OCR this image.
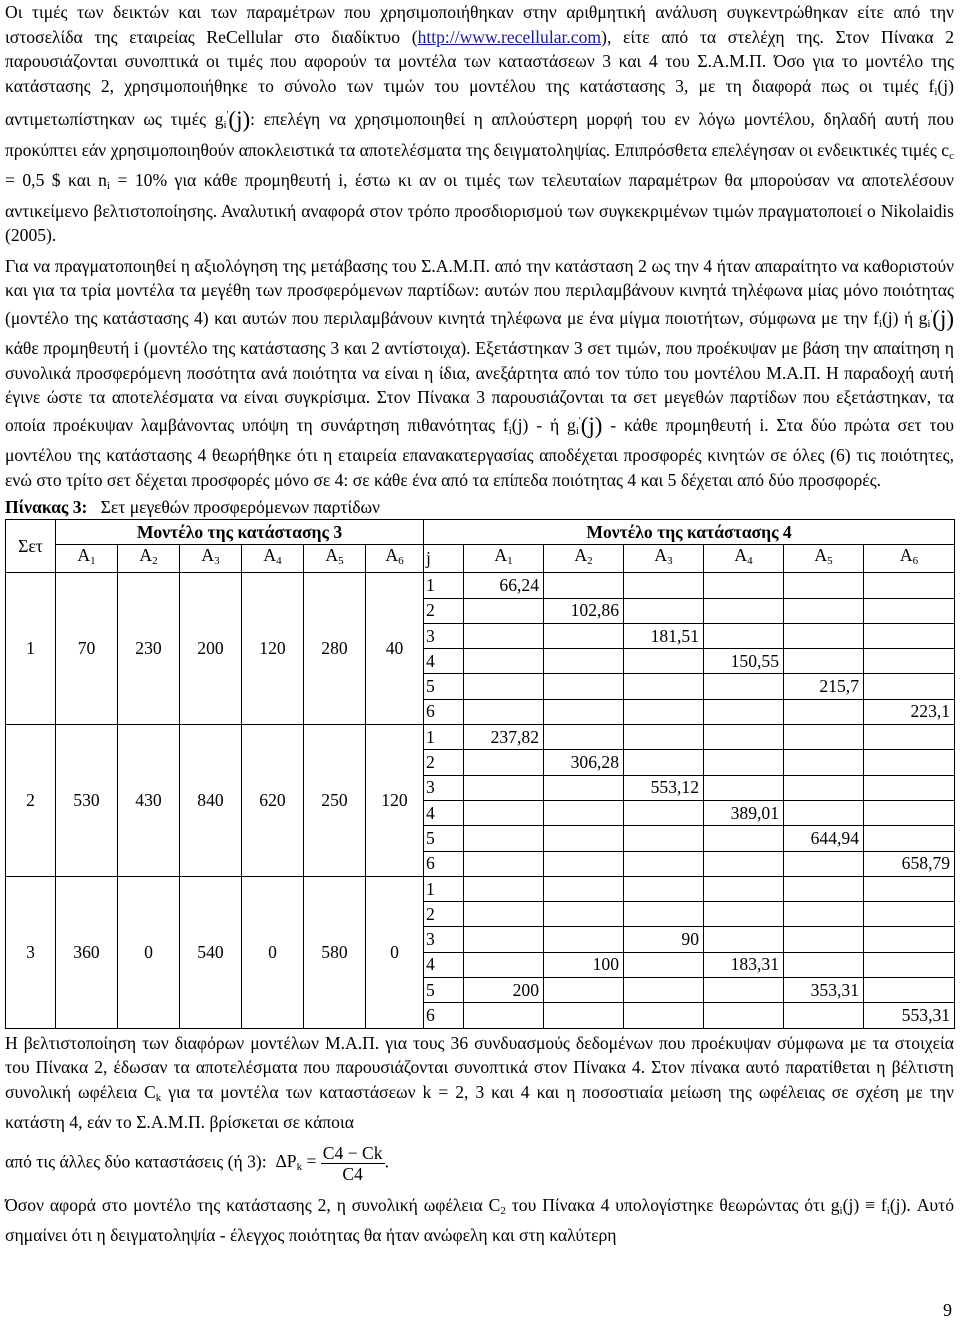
Οι τιμές των δεικτών και των παραμέτρων που χρησιμοποιήθηκαν στην αριθμητική ανάλυση συγκεντρώθηκαν είτε από την ιστοσελίδα της εταιρείας ReCellular στο διαδίκτυο (http://www.recellular.com), είτε από τα στελέχη της. Στον Πίνακα 2 παρουσιάζονται συνοπτικά οι τιμές που αφορούν τα μοντέλα των καταστάσεων 3 και 4 του Σ.Α.Μ.Π. Όσο για το μοντέλο της κατάστασης 2, χρησιμοποιήθηκε το σύνολο των τιμών του μοντέλου της κατάστασης 3, με τη διαφορά πως οι τιμές $f_i(j)$ αντιμετωπίστηκαν ως τιμές $g_i'(j)$: επελέγη να χρησιμοποιηθεί η απλούστερη μορφή του εν λόγω μοντέλου, δηλαδή αυτή που προκύπτει εάν χρησιμοποιηθούν αποκλειστικά τα αποτελέσματα της δειγματοληψίας. Επιπρόσθετα επελέγησαν οι ενδεικτικές τιμές $c_c = 0,5$ $ και $n_i = 10\%$ για κάθε προμηθευτή i, έστω κι αν οι τιμές των τελευταίων παραμέτρων θα μπορούσαν να αποτελέσουν αντικείμενο βελτιστοποίησης. Αναλυτική αναφορά στον τρόπο προσδιορισμού των συγκεκριμένων τιμών πραγματοποιεί ο Nikolaidis (2005).

Για να πραγματοποιηθεί η αξιολόγηση της μετάβασης του Σ.Α.Μ.Π. από την κατάσταση 2 ως την 4 ήταν απαραίτητο να καθοριστούν και για τα τρία μοντέλα τα μεγέθη των προσφερόμενων παρτίδων: αυτών που περιλαμβάνουν κινητά τηλέφωνα μίας μόνο ποιότητας (μοντέλο της κατάστασης 4) και αυτών που περιλαμβάνουν κινητά τηλέφωνα με ένα μίγμα ποιοτήτων, σύμφωνα με την $f_i(j)$ ή $g_i'(j)$ κάθε προμηθευτή i (μοντέλο της κατάστασης 3 και 2 αντίστοιχα). Εξετάστηκαν 3 σετ τιμών, που προέκυψαν με βάση την απαίτηση η συνολικά προσφερόμενη ποσότητα ανά ποιότητα να είναι η ίδια, ανεξάρτητα από τον τύπο του μοντέλου Μ.Α.Π. Η παραδοχή αυτή έγινε ώστε τα αποτελέσματα να είναι συγκρίσιμα. Στον Πίνακα 3 παρουσιάζονται τα σετ μεγεθών παρτίδων που εξετάστηκαν, τα οποία προέκυψαν λαμβάνοντας υπόψη τη συνάρτηση πιθανότητας $f_i(j)$ - ή $g_i'(j)$ - κάθε προμηθευτή i. Στα δύο πρώτα σετ του μοντέλου της κατάστασης 4 θεωρήθηκε ότι η εταιρεία επανακατεργασίας αποδέχεται προσφορές κινητών σε όλες (6) τις ποιότητες, ενώ στο τρίτο σετ δέχεται προσφορές μόνο σε 4: σε κάθε ένα από τα επίπεδα ποιότητας 4 και 5 δέχεται από δύο προσφορές.

Πίνακας 3: Σετ μεγεθών προσφερόμενων παρτίδων
Σετ	Μοντέλο της κατάστασης 3						Μοντέλο της κατάστασης 4						
	$A_1$	$A_2$	$A_3$	$A_4$	$A_5$	$A_6$	j	$A_1$	$A_2$	$A_3$	$A_4$	$A_5$	$A_6$
1	70	230	200	120	280	40	1	66,24					
							2		102,86				
							3			181,51			
							4				150,55		
							5					215,7	
							6						223,1
2	530	430	840	620	250	120	1	237,82					
							2		306,28				
							3			553,12			
							4				389,01		
							5					644,94	
							6						658,79
3	360	0	540	0	580	0	1						
							2						
							3			90			
							4		100		183,31		
							5	200				353,31	
							6						553,31

Η βελτιστοποίηση των διαφόρων μοντέλων Μ.Α.Π. για τους 36 συνδυασμούς δεδομένων που προέκυψαν σύμφωνα με τα στοιχεία του Πίνακα 2, έδωσαν τα αποτελέσματα που παρουσιάζονται συνοπτικά στον Πίνακα 4. Στον πίνακα αυτό παρατίθεται η βέλτιστη συνολική ωφέλεια $C_k$ για τα μοντέλα των καταστάσεων k = 2, 3 και 4 και η ποσοστιαία μείωση της ωφέλειας σε σχέση με την κατάστη 4, εάν το Σ.Α.Μ.Π. βρίσκεται σε κάποια

από τις άλλες δύο καταστάσεις (ή 3): $\Delta P_k = \frac{C4 - Ck}{C4}$ .

Όσον αφορά στο μοντέλο της κατάστασης 2, η συνολική ωφέλεια $C_2$ του Πίνακα 4 υπολογίστηκε θεωρώντας ότι $g_i(j) \equiv f_i(j)$. Αυτό σημαίνει ότι η δειγματοληψία - έλεγχος ποιότητας θα ήταν ανώφελη και στη καλύτερη

9
